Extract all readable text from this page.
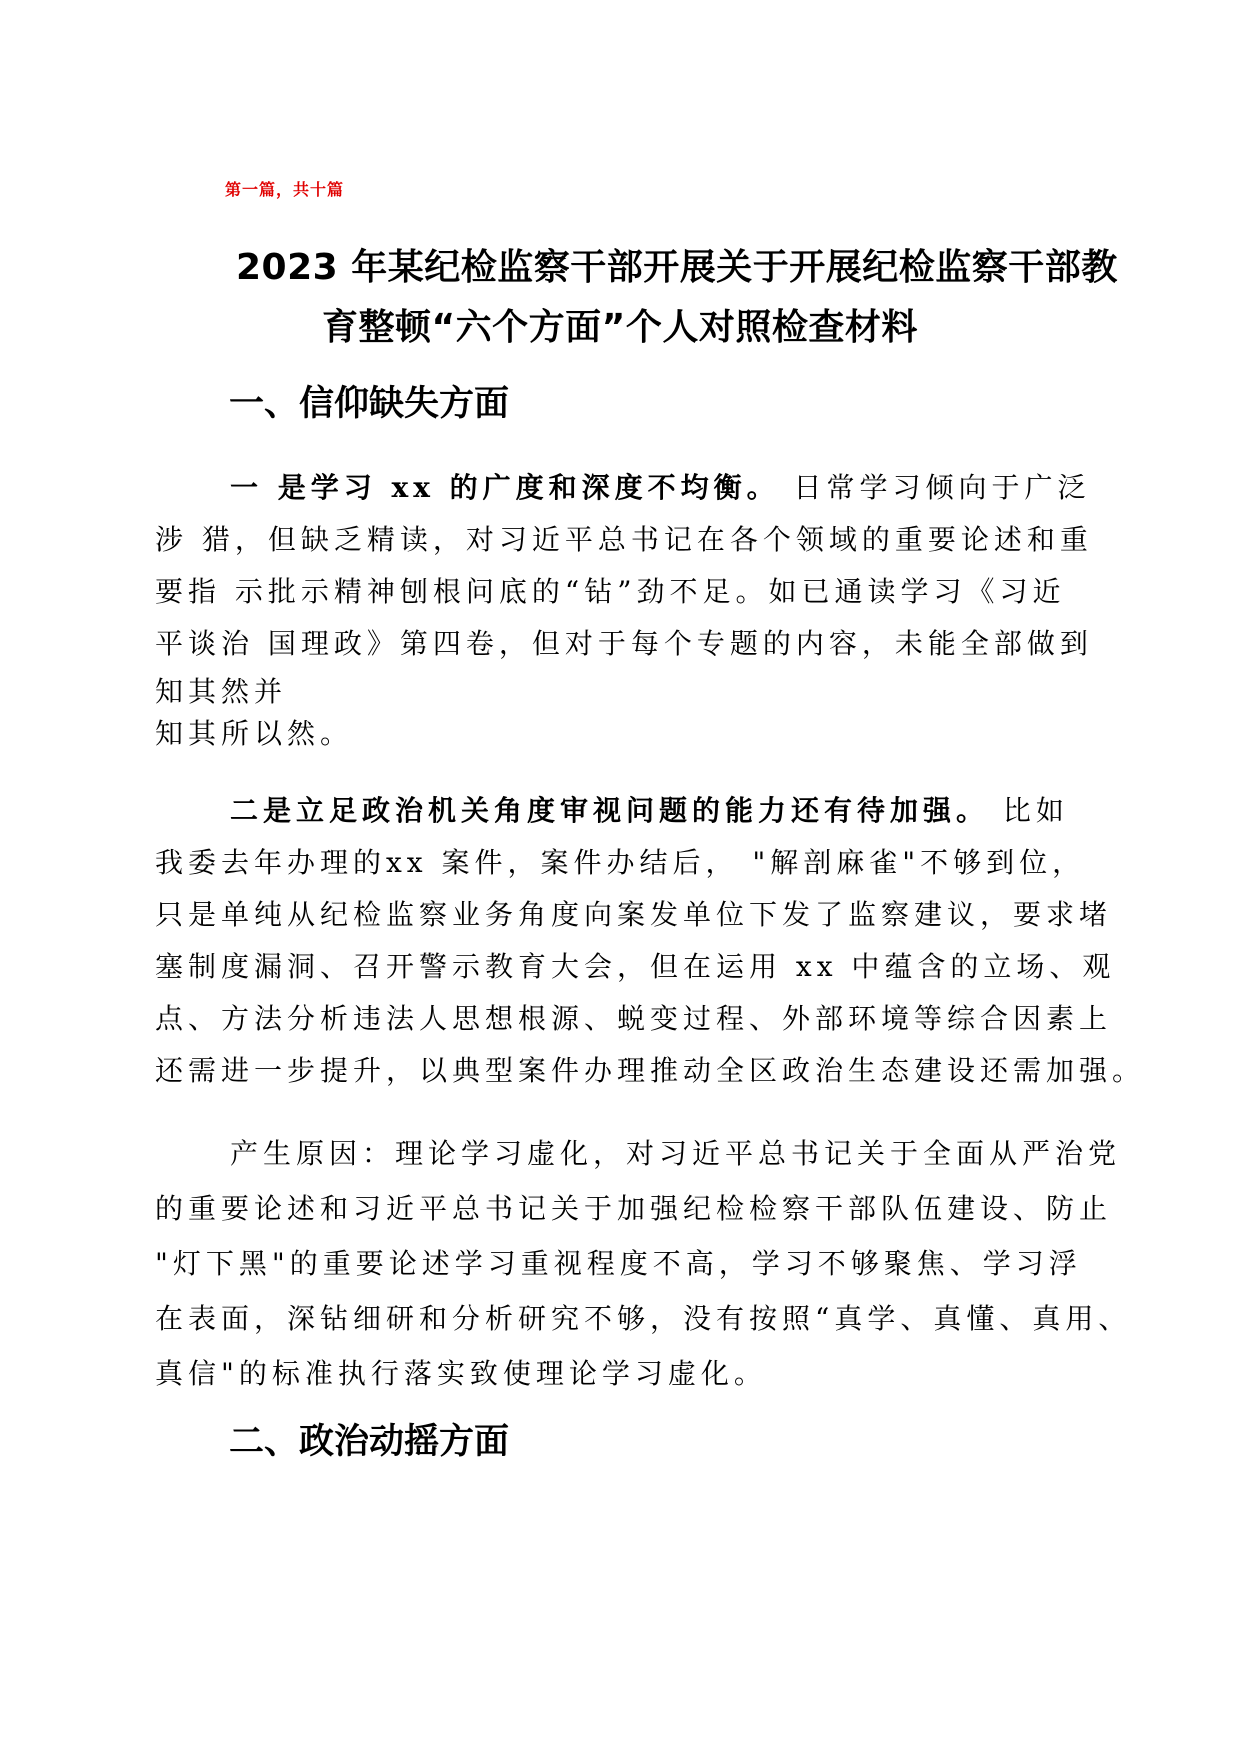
第一篇，共十篇
2023 年某纪检监察干部开展关于开展纪检监察干部教
育整顿“六个方面”个人对照检查材料
一、信仰缺失方面
一 是学习 xx 的广度和深度不均衡。 日常学习倾向于广泛
涉 猎，但缺乏精读，对习近平总书记在各个领域的重要论述和重
要指 示批示精神刨根问底的“钻”劲不足。如已通读学习《习近
平谈治 国理政》第四卷，但对于每个专题的内容，未能全部做到
知其然并
知其所以然。
二是立足政治机关角度审视问题的能力还有待加强。 比如
我委去年办理的xx 案件，案件办结后， "解剖麻雀"不够到位，
只是单纯从纪检监察业务角度向案发单位下发了监察建议，要求堵
塞制度漏洞、召开警示教育大会，但在运用 xx 中蕴含的立场、观
点、方法分析违法人思想根源、蜕变过程、外部环境等综合因素上
还需进一步提升，以典型案件办理推动全区政治生态建设还需加强。
产生原因：理论学习虚化，对习近平总书记关于全面从严治党
的重要论述和习近平总书记关于加强纪检检察干部队伍建设、防止
"灯下黑"的重要论述学习重视程度不高，学习不够聚焦、学习浮
在表面，深钻细研和分析研究不够，没有按照“真学、真懂、真用、
真信"的标准执行落实致使理论学习虚化。
二、政治动摇方面
